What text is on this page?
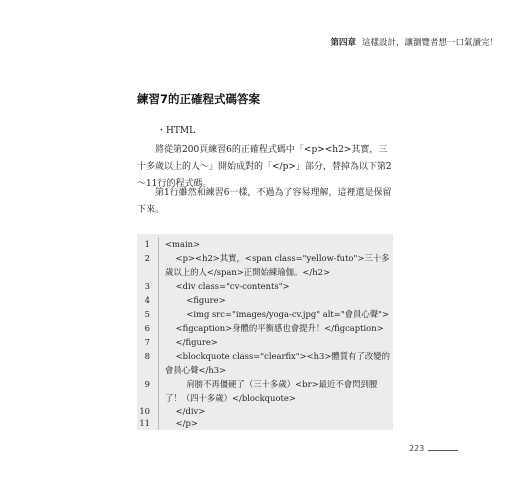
第四章 這樣設計，讓瀏覽者想一口氣讀完！
練習7的正確程式碼答案
・HTML
將從第200頁練習6的正確程式碼中「<p><h2>其實，三十多歲以上的人～」開始成對的「</p>」部分，替掉為以下第2～11行的程式碼。
第1行雖然和練習6一樣，不過為了容易理解，這裡還是保留下來。
1	<main>
2	<p><h2>其實，<span class="yellow-futo">三十多歲以上的人</span>正開始練瑜伽。</h2>
3	<div class="cv-contents">
4	<figure>
5	<img src="images/yoga-cv.jpg" alt="會員心聲">
6	<figcaption>身體的平衡感也會提升！</figcaption>
7	</figure>
8	<blockquote class="clearfix"><h3>體質有了改變的會員心聲</h3>
9	肩膀不再僵硬了（三十多歲）<br>最近不會閃到腰了！（四十多歲）</blockquote>
10	</div>
11	</p>
223
